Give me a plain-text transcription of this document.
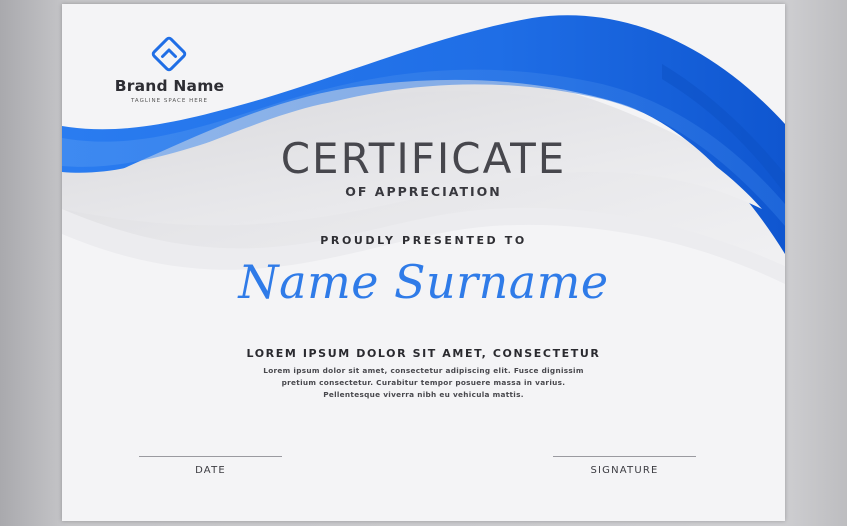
Brand Name
TAGLINE SPACE HERE
CERTIFICATE
OF APPRECIATION
PROUDLY PRESENTED TO
Name Surname
LOREM IPSUM DOLOR SIT AMET, CONSECTETUR
Lorem ipsum dolor sit amet, consectetur adipiscing elit. Fusce dignissim
pretium consectetur. Curabitur tempor posuere massa in varius.
Pellentesque viverra nibh eu vehicula mattis.
DATE	SIGNATURE
